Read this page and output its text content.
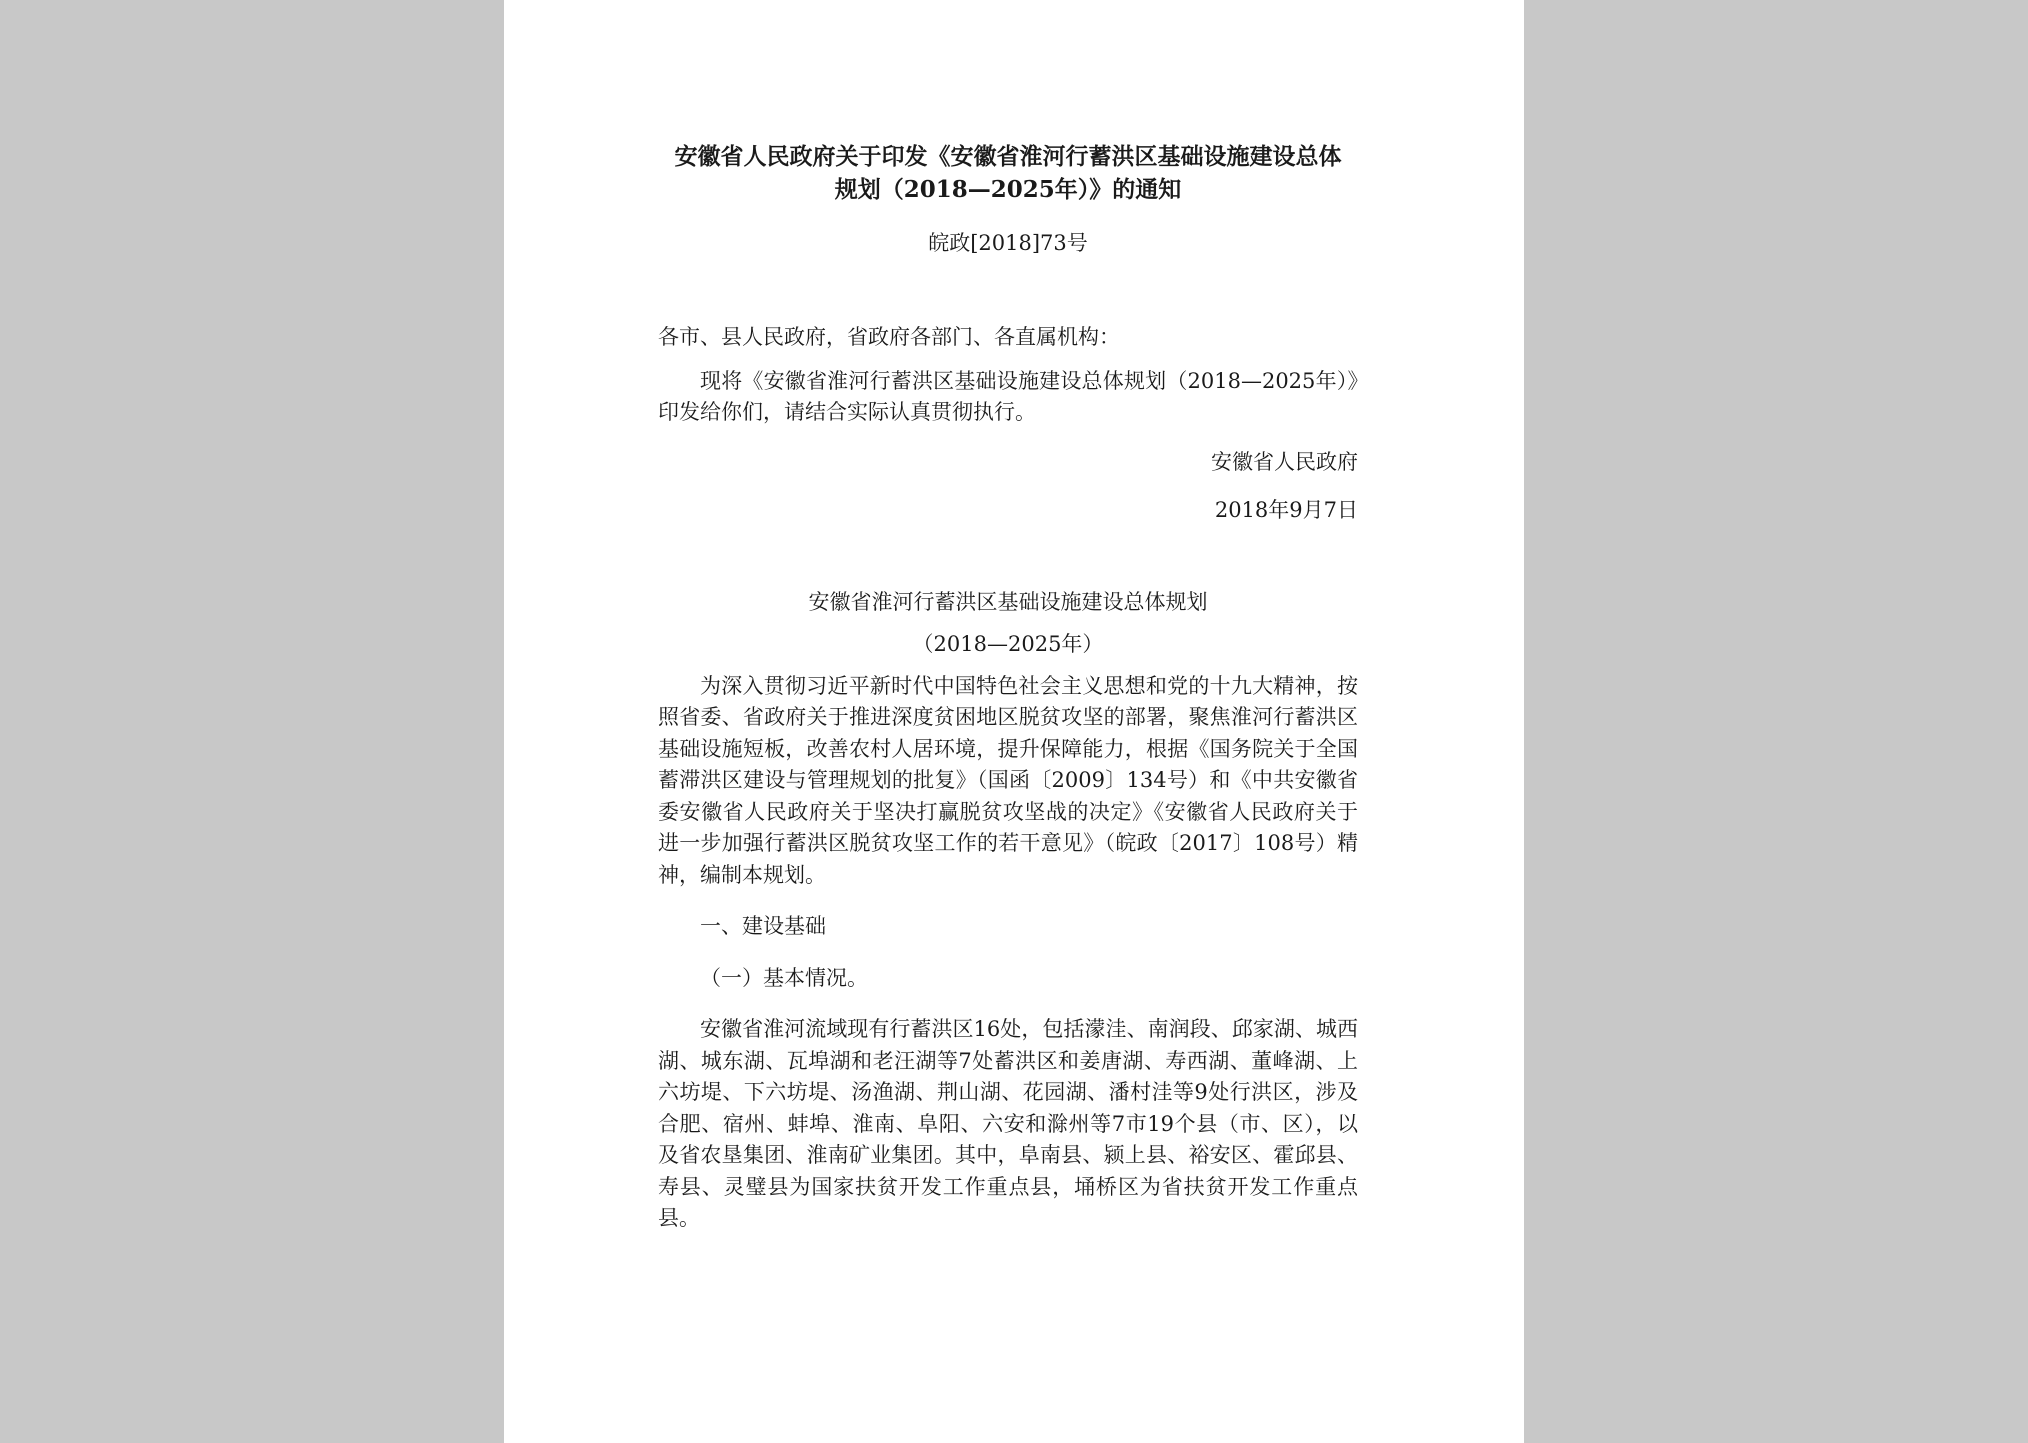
安徽省人民政府关于印发《安徽省淮河行蓄洪区基础设施建设总体
规划（2018—2025年）》的通知
皖政[2018]73号

各市、县人民政府，省政府各部门、各直属机构：

现将《安徽省淮河行蓄洪区基础设施建设总体规划（2018—2025年）》印发给你们，请结合实际认真贯彻执行。

安徽省人民政府
2018年9月7日
安徽省淮河行蓄洪区基础设施建设总体规划
（2018—2025年）

为深入贯彻习近平新时代中国特色社会主义思想和党的十九大精神，按照省委、省政府关于推进深度贫困地区脱贫攻坚的部署，聚焦淮河行蓄洪区基础设施短板，改善农村人居环境，提升保障能力，根据《国务院关于全国蓄滞洪区建设与管理规划的批复》（国函〔2009〕134号）和《中共安徽省委安徽省人民政府关于坚决打赢脱贫攻坚战的决定》《安徽省人民政府关于进一步加强行蓄洪区脱贫攻坚工作的若干意见》（皖政〔2017〕108号）精神，编制本规划。

一、建设基础

（一）基本情况。

安徽省淮河流域现有行蓄洪区16处，包括濛洼、南润段、邱家湖、城西湖、城东湖、瓦埠湖和老汪湖等7处蓄洪区和姜唐湖、寿西湖、董峰湖、上六坊堤、下六坊堤、汤渔湖、荆山湖、花园湖、潘村洼等9处行洪区，涉及合肥、宿州、蚌埠、淮南、阜阳、六安和滁州等7市19个县（市、区），以及省农垦集团、淮南矿业集团。其中，阜南县、颍上县、裕安区、霍邱县、寿县、灵璧县为国家扶贫开发工作重点县，埇桥区为省扶贫开发工作重点县。
